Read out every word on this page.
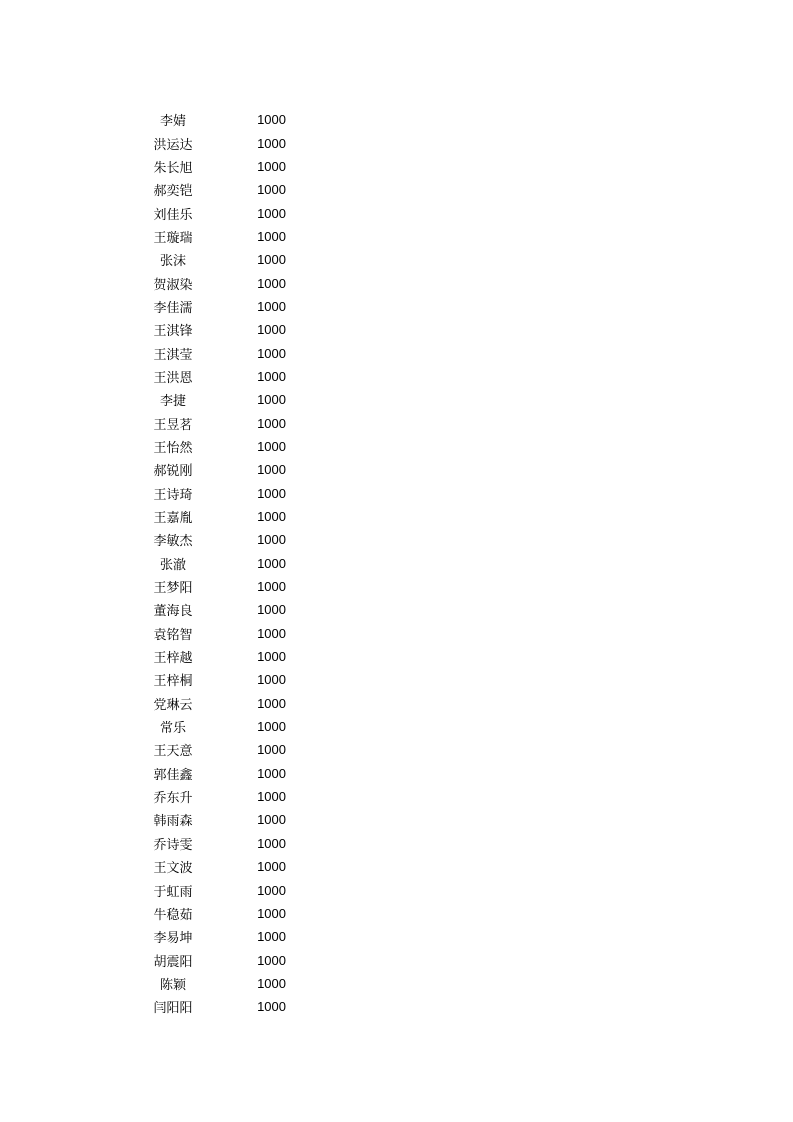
李婧	1000
洪运达	1000
朱长旭	1000
郝奕铠	1000
刘佳乐	1000
王璇瑞	1000
张沫	1000
贺淑染	1000
李佳濡	1000
王淇锋	1000
王淇莹	1000
王洪恩	1000
李捷	1000
王昱茗	1000
王怡然	1000
郝锐刚	1000
王诗琦	1000
王嘉胤	1000
李敏杰	1000
张澈	1000
王梦阳	1000
董海良	1000
袁铭智	1000
王梓越	1000
王梓桐	1000
党琳云	1000
常乐	1000
王天意	1000
郭佳鑫	1000
乔东升	1000
韩雨森	1000
乔诗雯	1000
王文波	1000
于虹雨	1000
牛稳茹	1000
李易坤	1000
胡震阳	1000
陈颖	1000
闫阳阳	1000
